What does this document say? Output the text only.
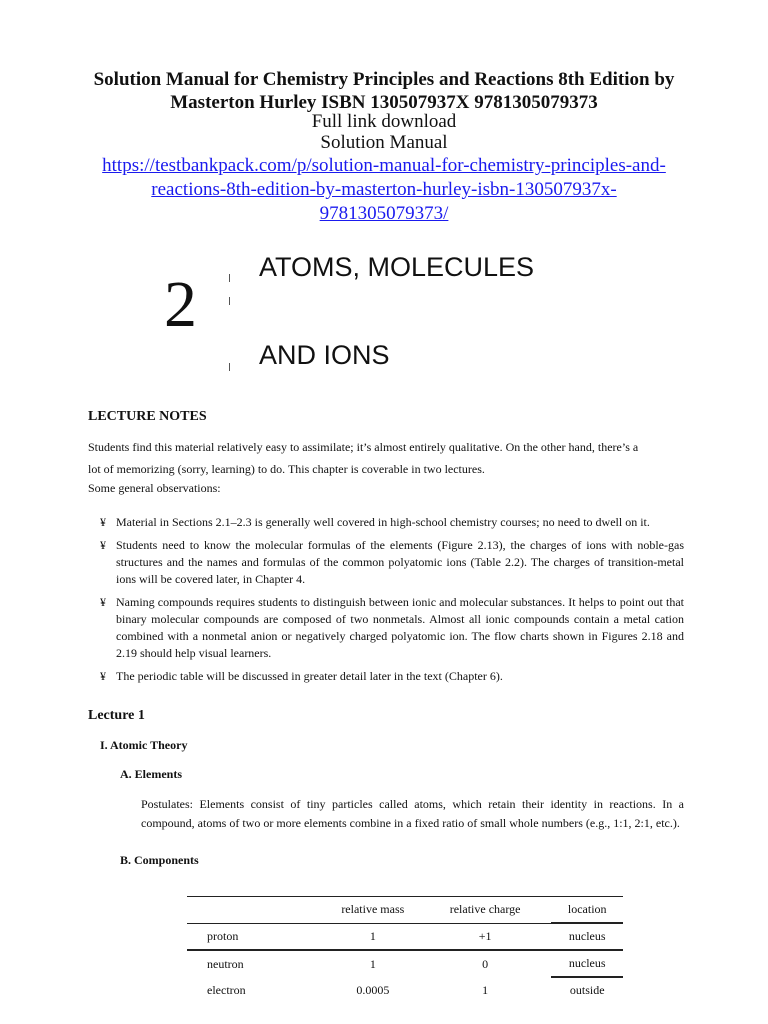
Solution Manual for Chemistry Principles and Reactions 8th Edition by
Masterton Hurley ISBN 130507937X 9781305079373
Full link download
Solution Manual
https://testbankpack.com/p/solution-manual-for-chemistry-principles-and-
reactions-8th-edition-by-masterton-hurley-isbn-130507937x-
9781305079373/
2
ATOMS, MOLECULES
AND IONS
LECTURE NOTES
Students find this material relatively easy to assimilate; it’s almost entirely qualitative. On the other hand, there’s a
lot of memorizing (sorry, learning) to do. This chapter is coverable in two lectures.
Some general observations:
¥ Material in Sections 2.1–2.3 is generally well covered in high-school chemistry courses; no need to dwell on it.
¥ Students need to know the molecular formulas of the elements (Figure 2.13), the charges of ions with noble-gas structures and the names and formulas of the common polyatomic ions (Table 2.2). The charges of transition-metal ions will be covered later, in Chapter 4.
¥ Naming compounds requires students to distinguish between ionic and molecular substances. It helps to point out that binary molecular compounds are composed of two nonmetals. Almost all ionic compounds contain a metal cation combined with a nonmetal anion or negatively charged polyatomic ion. The flow charts shown in Figures 2.18 and 2.19 should help visual learners.
¥ The periodic table will be discussed in greater detail later in the text (Chapter 6).
Lecture 1
I. Atomic Theory
A. Elements
Postulates: Elements consist of tiny particles called atoms, which retain their identity in reactions. In a compound, atoms of two or more elements combine in a fixed ratio of small whole numbers (e.g., 1:1, 2:1, etc.).
B. Components
	relative mass	relative charge	location
proton	1	+1	nucleus
neutron	1	0	nucleus
electron	0.0005	1	outside
